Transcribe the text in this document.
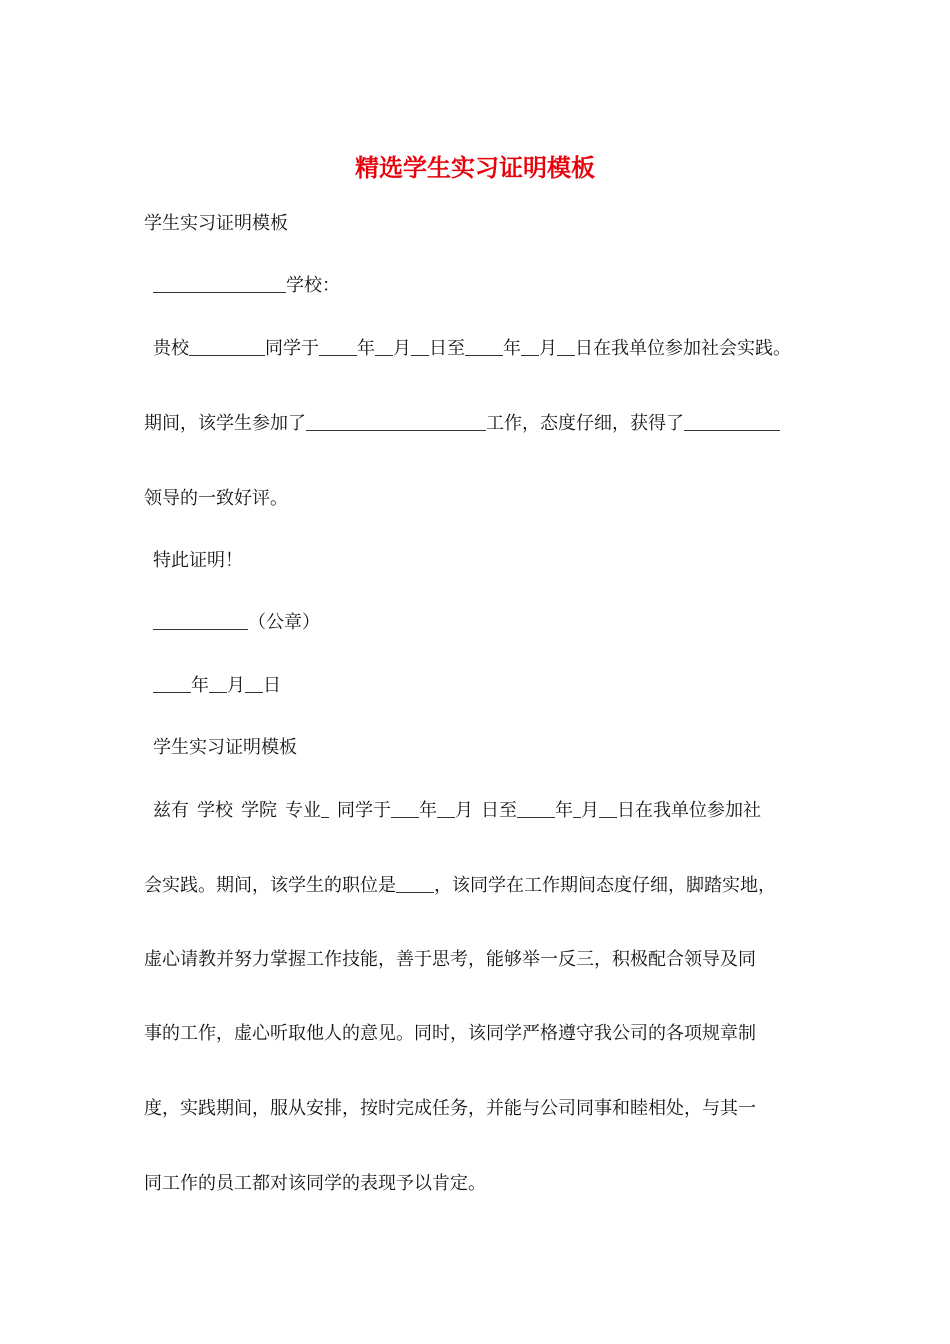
精选学生实习证明模板
学生实习证明模板
学校：
贵校	同学于 年 月 日至 年 月 日在我单位参加社会实践。
期间，该学生参加了	工作，态度仔细，获得了
领导的一致好评。
特此证明！
（公章）
年 月 日
学生实习证明模板
兹有 学校 学院 专业 同学于 年 月 日至 年 月 日在我单位参加社
会实践。期间，该学生的职位是 ，该同学在工作期间态度仔细，脚踏实地，
虚心请教并努力掌握工作技能，善于思考，能够举一反三，积极配合领导及同
事的工作，虚心听取他人的意见。同时，该同学严格遵守我公司的各项规章制
度，实践期间，服从安排，按时完成任务，并能与公司同事和睦相处，与其一
同工作的员工都对该同学的表现予以肯定。
